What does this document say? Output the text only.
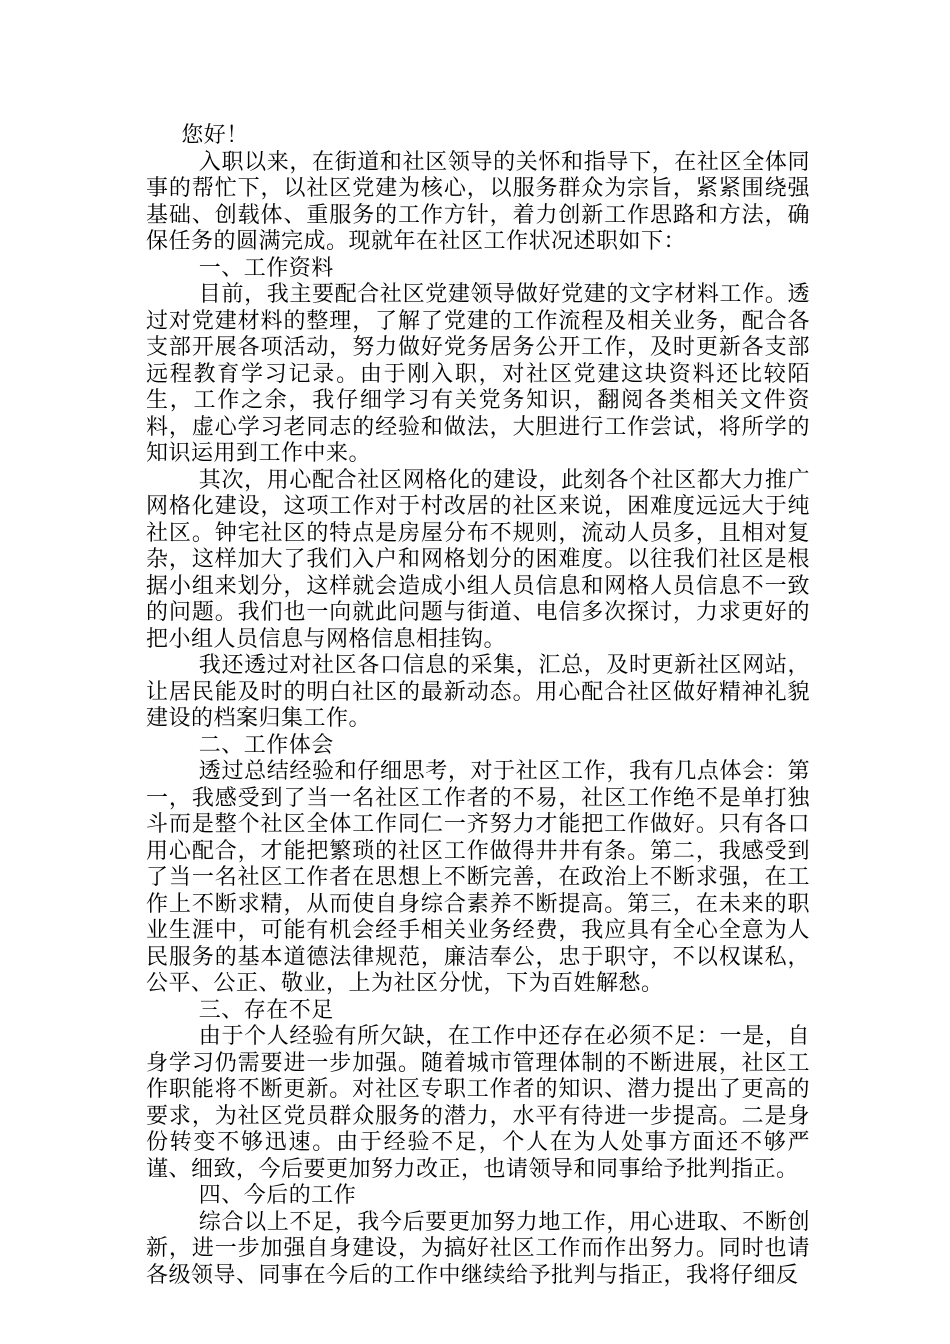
您好！

入职以来，在街道和社区领导的关怀和指导下，在社区全体同事的帮忙下，以社区党建为核心，以服务群众为宗旨，紧紧围绕强基础、创载体、重服务的工作方针，着力创新工作思路和方法，确保任务的圆满完成。现就年在社区工作状况述职如下：

一、工作资料

目前，我主要配合社区党建领导做好党建的文字材料工作。透过对党建材料的整理，了解了党建的工作流程及相关业务，配合各支部开展各项活动，努力做好党务居务公开工作，及时更新各支部远程教育学习记录。由于刚入职，对社区党建这块资料还比较陌生，工作之余，我仔细学习有关党务知识，翻阅各类相关文件资料，虚心学习老同志的经验和做法，大胆进行工作尝试，将所学的知识运用到工作中来。

其次，用心配合社区网格化的建设，此刻各个社区都大力推广网格化建设，这项工作对于村改居的社区来说，困难度远远大于纯社区。钟宅社区的特点是房屋分布不规则，流动人员多，且相对复杂，这样加大了我们入户和网格划分的困难度。以往我们社区是根据小组来划分，这样就会造成小组人员信息和网格人员信息不一致的问题。我们也一向就此问题与街道、电信多次探讨，力求更好的把小组人员信息与网格信息相挂钩。

我还透过对社区各口信息的采集，汇总，及时更新社区网站，让居民能及时的明白社区的最新动态。用心配合社区做好精神礼貌建设的档案归集工作。

二、工作体会

透过总结经验和仔细思考，对于社区工作，我有几点体会：第一，我感受到了当一名社区工作者的不易，社区工作绝不是单打独斗而是整个社区全体工作同仁一齐努力才能把工作做好。只有各口用心配合，才能把繁琐的社区工作做得井井有条。第二，我感受到了当一名社区工作者在思想上不断完善，在政治上不断求强，在工作上不断求精，从而使自身综合素养不断提高。第三，在未来的职业生涯中，可能有机会经手相关业务经费，我应具有全心全意为人民服务的基本道德法律规范，廉洁奉公，忠于职守，不以权谋私，公平、公正、敬业，上为社区分忧，下为百姓解愁。

三、存在不足

由于个人经验有所欠缺，在工作中还存在必须不足：一是，自身学习仍需要进一步加强。随着城市管理体制的不断进展，社区工作职能将不断更新。对社区专职工作者的知识、潜力提出了更高的要求，为社区党员群众服务的潜力，水平有待进一步提高。二是身份转变不够迅速。由于经验不足，个人在为人处事方面还不够严谨、细致，今后要更加努力改正，也请领导和同事给予批判指正。

四、今后的工作

综合以上不足，我今后要更加努力地工作，用心进取、不断创新，进一步加强自身建设，为搞好社区工作而作出努力。同时也请各级领导、同事在今后的工作中继续给予批判与指正，我将仔细反
